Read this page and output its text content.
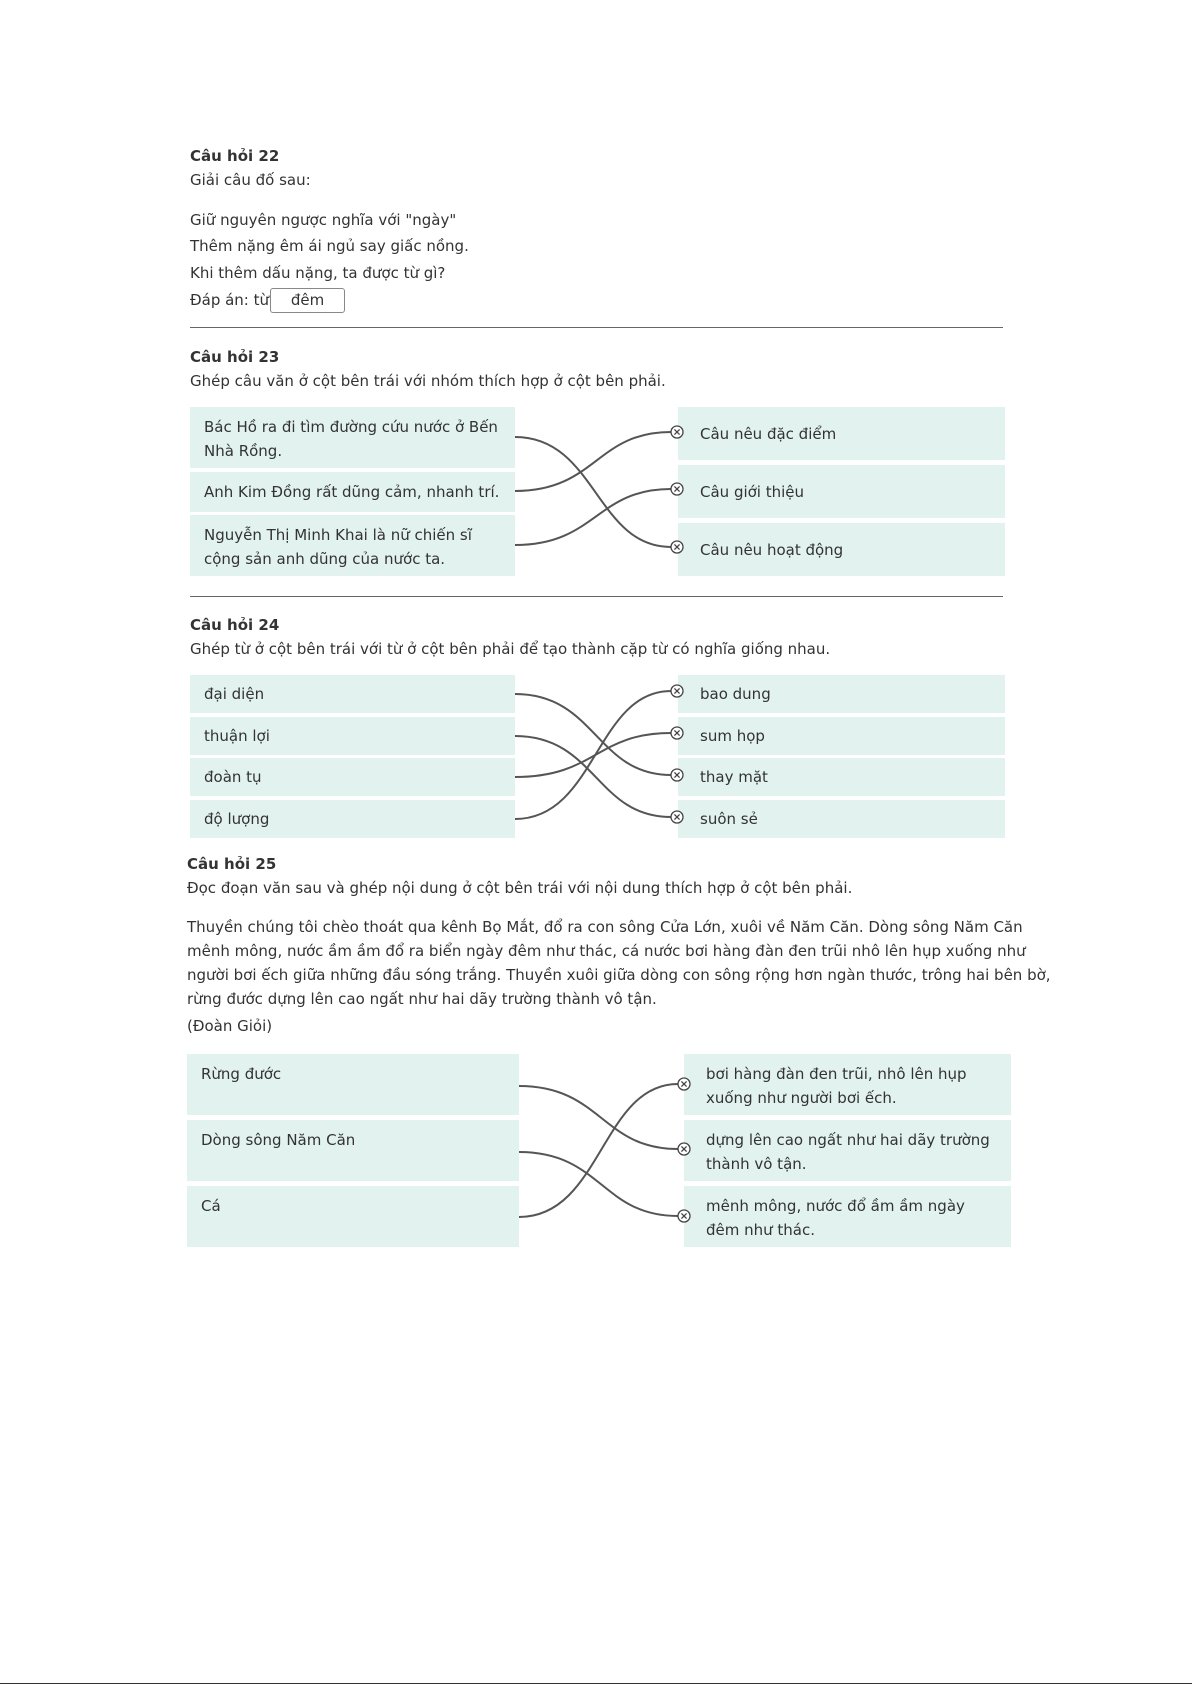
Câu hỏi 22
Giải câu đố sau:
Giữ nguyên ngược nghĩa với "ngày"
Thêm nặng êm ái ngủ say giấc nồng.
Khi thêm dấu nặng, ta được từ gì?
Đáp án: từ	đêm
Câu hỏi 23
Ghép câu văn ở cột bên trái với nhóm thích hợp ở cột bên phải.
Bác Hồ ra đi tìm đường cứu nước ở Bến Nhà Rồng.
Anh Kim Đồng rất dũng cảm, nhanh trí.
Nguyễn Thị Minh Khai là nữ chiến sĩ cộng sản anh dũng của nước ta.
Câu nêu đặc điểm
Câu giới thiệu
Câu nêu hoạt động
Câu hỏi 24
Ghép từ ở cột bên trái với từ ở cột bên phải để tạo thành cặp từ có nghĩa giống nhau.
đại diện
thuận lợi
đoàn tụ
độ lượng
bao dung
sum họp
thay mặt
suôn sẻ
Câu hỏi 25
Đọc đoạn văn sau và ghép nội dung ở cột bên trái với nội dung thích hợp ở cột bên phải.
Thuyền chúng tôi chèo thoát qua kênh Bọ Mắt, đổ ra con sông Cửa Lớn, xuôi về Năm Căn. Dòng sông Năm Căn
mênh mông, nước ầm ầm đổ ra biển ngày đêm như thác, cá nước bơi hàng đàn đen trũi nhô lên hụp xuống như
người bơi ếch giữa những đầu sóng trắng. Thuyền xuôi giữa dòng con sông rộng hơn ngàn thước, trông hai bên bờ,
rừng đước dựng lên cao ngất như hai dãy trường thành vô tận.
(Đoàn Giỏi)
Rừng đước
Dòng sông Năm Căn
Cá
bơi hàng đàn đen trũi, nhô lên hụp xuống như người bơi ếch.
dựng lên cao ngất như hai dãy trường thành vô tận.
mênh mông, nước đổ ầm ầm ngày đêm như thác.
